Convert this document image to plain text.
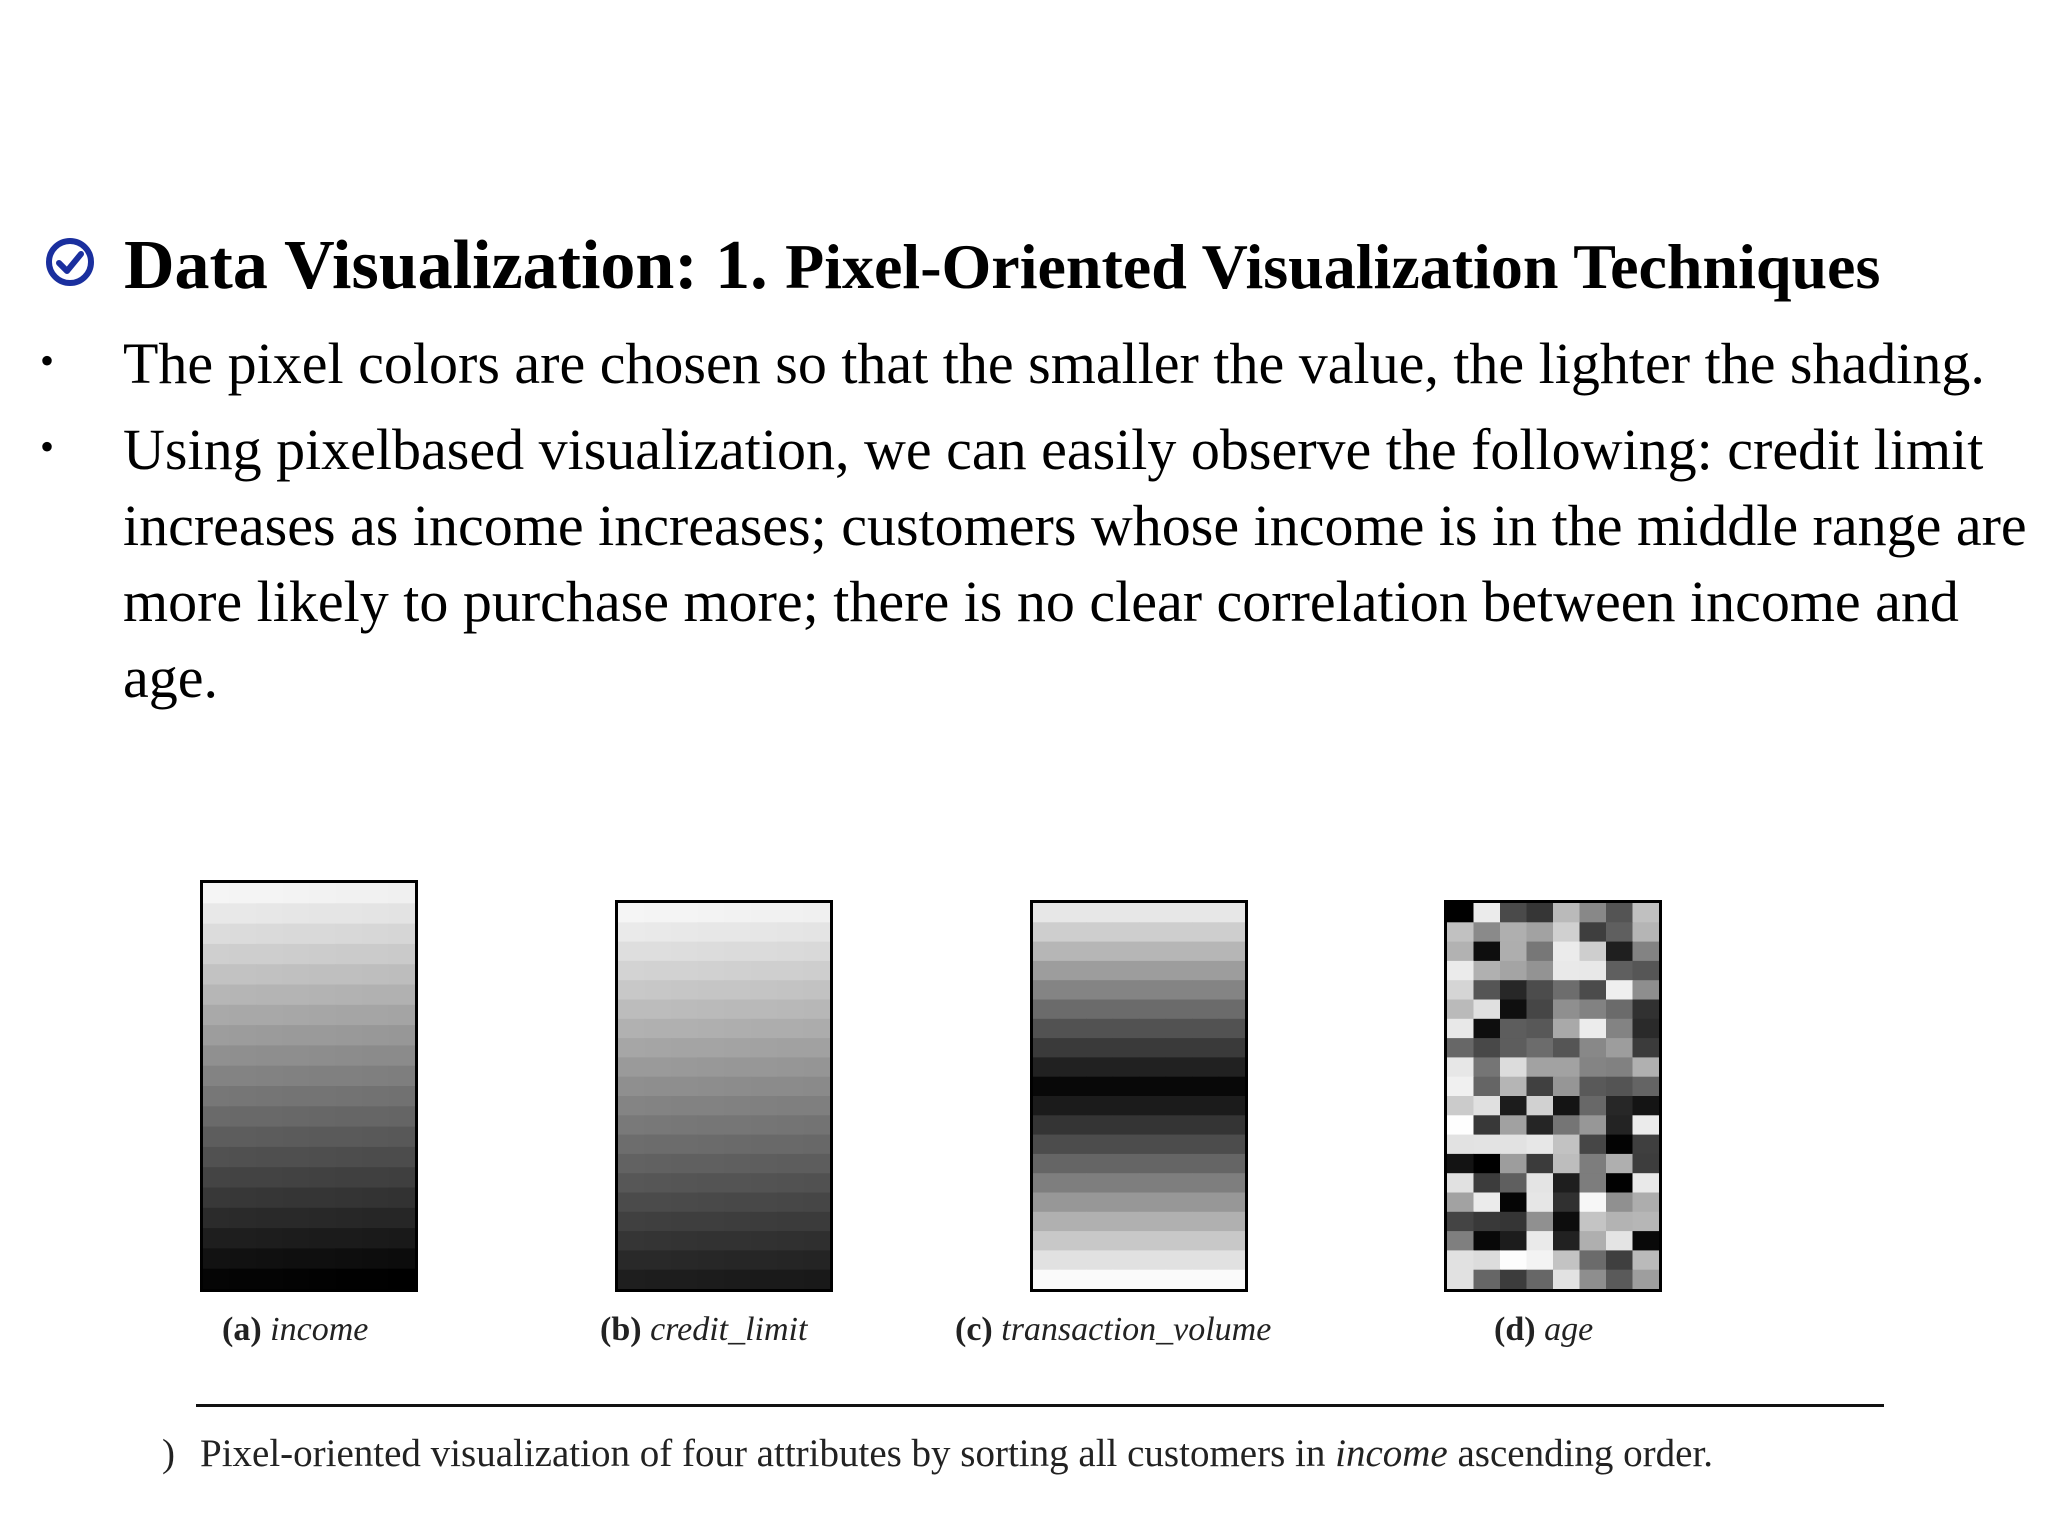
Data Visualization: 1. Pixel-Oriented Visualization Techniques
• The pixel colors are chosen so that the smaller the value, the lighter the shading.
• Using pixelbased visualization, we can easily observe the following: credit limit increases as income increases; customers whose income is in the middle range are more likely to purchase more; there is no clear correlation between income and age.
(a) income	(b) credit_limit	(c) transaction_volume	(d) age
) Pixel-oriented visualization of four attributes by sorting all customers in income ascending order.
